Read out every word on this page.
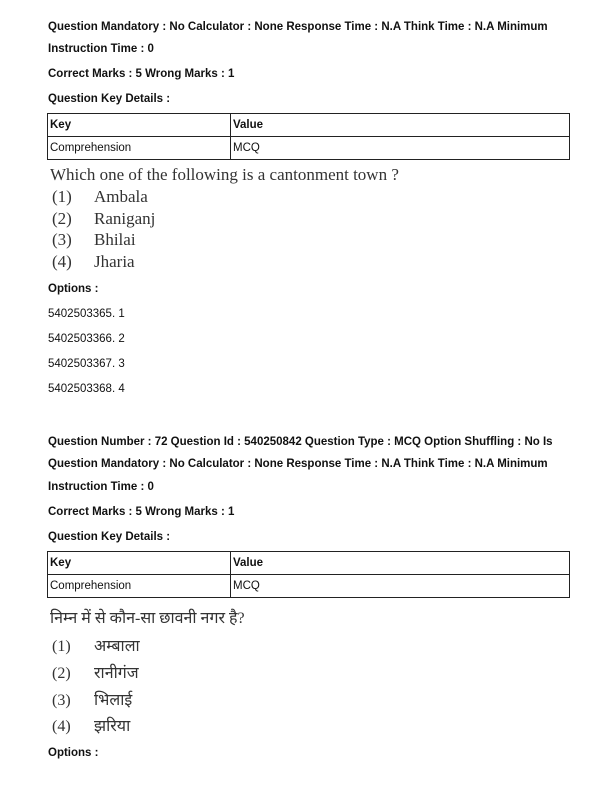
Question Mandatory : No Calculator : None Response Time : N.A Think Time : N.A Minimum
Instruction Time : 0
Correct Marks : 5 Wrong Marks : 1
Question Key Details :
Key	Value
Comprehension	MCQ
Which one of the following is a cantonment town ?
(1) Ambala
(2) Raniganj
(3) Bhilai
(4) Jharia
Options :
5402503365. 1
5402503366. 2
5402503367. 3
5402503368. 4
Question Number : 72 Question Id : 540250842 Question Type : MCQ Option Shuffling : No Is
Question Mandatory : No Calculator : None Response Time : N.A Think Time : N.A Minimum
Instruction Time : 0
Correct Marks : 5 Wrong Marks : 1
Question Key Details :
Key	Value
Comprehension	MCQ
निम्न में से कौन-सा छावनी नगर है?
(1) अम्बाला
(2) रानीगंज
(3) भिलाई
(4) झरिया
Options :
